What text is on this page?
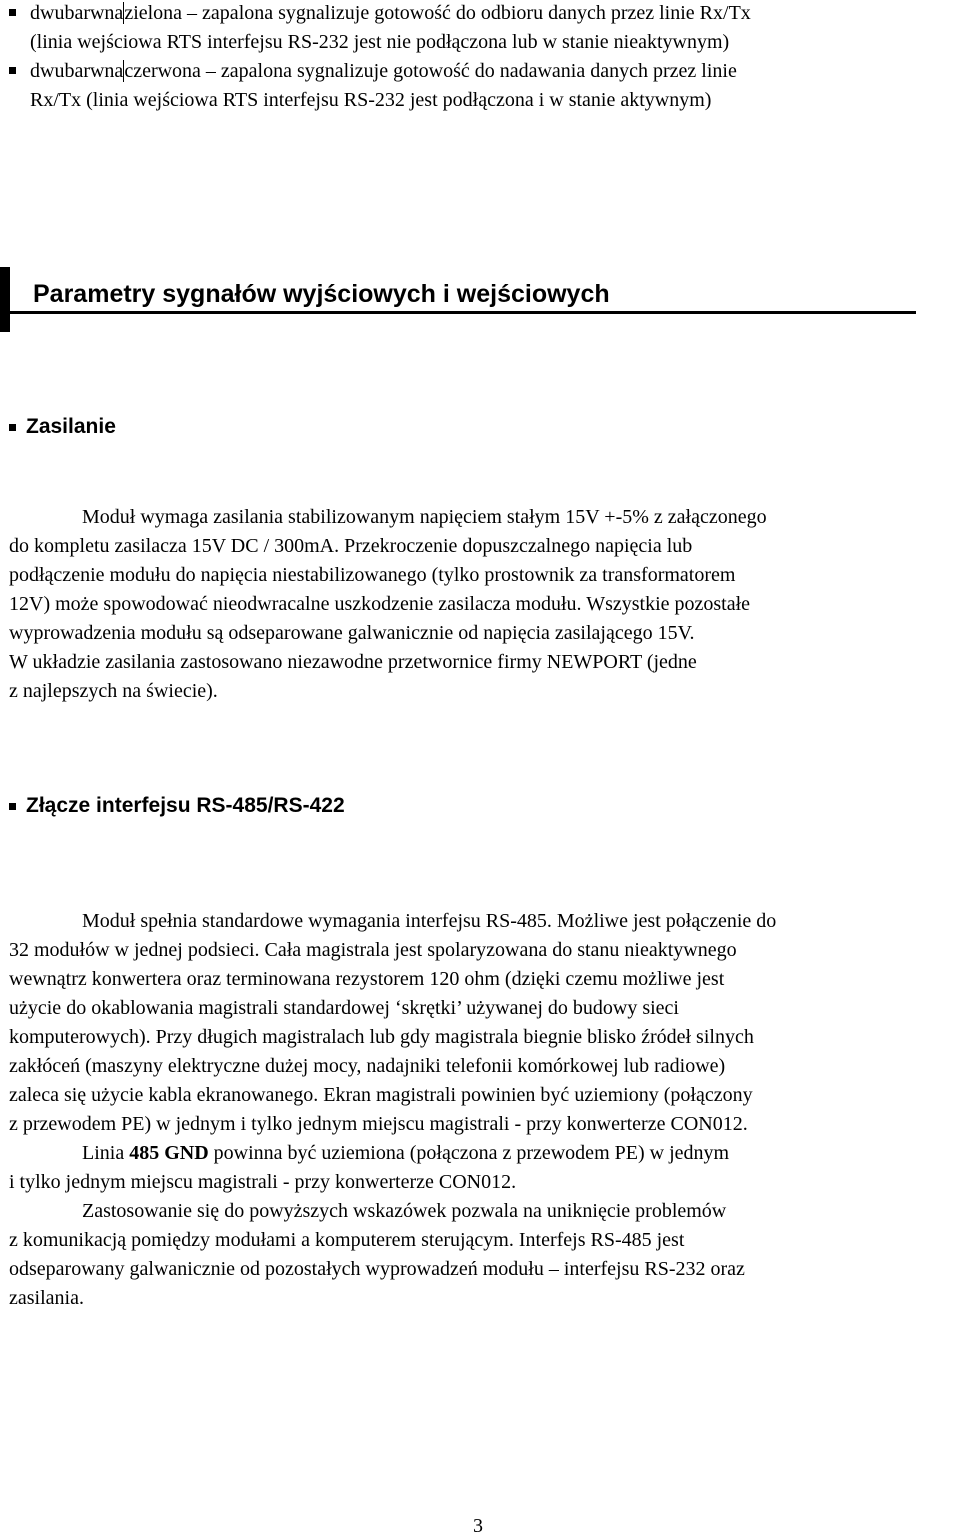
dwubarwnazielona – zapalona sygnalizuje gotowość do odbioru danych przez linie Rx/Tx
(linia wejściowa RTS interfejsu RS-232 jest nie podłączona lub w stanie nieaktywnym)
dwubarwnaczerwona – zapalona sygnalizuje gotowość do nadawania danych przez linie
Rx/Tx (linia wejściowa RTS interfejsu RS-232 jest podłączona i w stanie aktywnym)
Parametry sygnałów wyjściowych i wejściowych
Zasilanie
Moduł wymaga zasilania stabilizowanym napięciem stałym 15V +-5% z załączonego
do kompletu zasilacza 15V DC / 300mA. Przekroczenie dopuszczalnego napięcia lub
podłączenie modułu do napięcia niestabilizowanego (tylko prostownik za transformatorem
12V) może spowodować nieodwracalne uszkodzenie zasilacza modułu. Wszystkie pozostałe
wyprowadzenia modułu są odseparowane galwanicznie od napięcia zasilającego 15V.
W układzie zasilania zastosowano niezawodne przetwornice firmy NEWPORT (jedne
z najlepszych na świecie).
Złącze interfejsu RS-485/RS-422
Moduł spełnia standardowe wymagania interfejsu RS-485. Możliwe jest połączenie do
32 modułów w jednej podsieci. Cała magistrala jest spolaryzowana do stanu nieaktywnego
wewnątrz konwertera oraz terminowana rezystorem 120 ohm (dzięki czemu możliwe jest
użycie do okablowania magistrali standardowej ‘skrętki’ używanej do budowy sieci
komputerowych). Przy długich magistralach lub gdy magistrala biegnie blisko źródeł silnych
zakłóceń (maszyny elektryczne dużej mocy, nadajniki telefonii komórkowej lub radiowe)
zaleca się użycie kabla ekranowanego. Ekran magistrali powinien być uziemiony (połączony
z przewodem PE) w jednym i tylko jednym miejscu magistrali - przy konwerterze CON012.
Linia 485 GND powinna być uziemiona (połączona z przewodem PE) w jednym
i tylko jednym miejscu magistrali - przy konwerterze CON012.
Zastosowanie się do powyższych wskazówek pozwala na uniknięcie problemów
z komunikacją pomiędzy modułami a komputerem sterującym. Interfejs RS-485 jest
odseparowany galwanicznie od pozostałych wyprowadzeń modułu – interfejsu RS-232 oraz
zasilania.
3
